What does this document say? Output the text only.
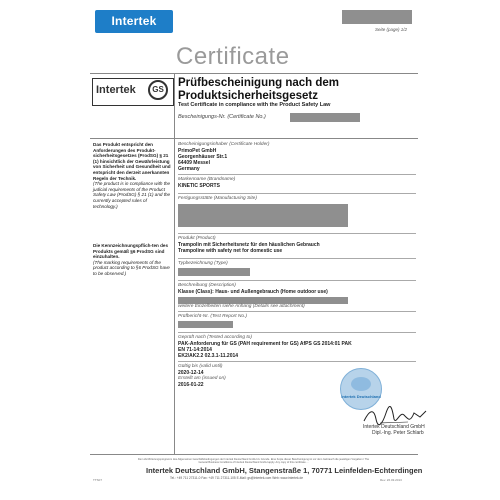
Intertek
Seite (page) 1/2
Certificate
Intertek	GS
Prüfbescheinigung nach dem
Produktsicherheitsgesetz
Test Certificate in compliance with the Product Safety Law
Bescheinigungs-Nr. (Certificate No.)
Das Produkt entspricht den Anforderungen des Produkt-sicherheitsgesetzes (ProdSG) § 21 (1) hinsichtlich der Gewährleistung von Sicherheit und Gesundheit und entspricht den derzeit anerkannten Regeln der Technik.
(The product is in compliance with the judicial requirements of the Product Safety Law (ProdSG) § 21 (1) and the currently accepted rules of technology.)
Die Kennzeichnungspflich-ten des Produkts gemäß §6 ProdSG sind einzuhalten.
(The marking requirements of the product according to §6 ProdSG have to be observed.)
Bescheinigungsinhaber (Certificate Holder)
PrimoPet GmbH
Georgenhäuser Str.1
64409 Messel
Germany
Markenname (Brandname)
KINETIC SPORTS
Fertigungsstätte (Manufacturing Site)
Produkt (Product)
Trampolin mit Sicherheitsnetz für den häuslichen Gebrauch
Trampoline with safety net for domestic use
Typbezeichnung (Type)
Beschreibung (Description)
Klasse (Class): Haus- und Außengebrauch (Home outdoor use)
weitere Einzelheiten siehe Anhang (Details see attachment)
Prüfbericht-Nr. (Test Report No.)
Geprüft nach (Tested according to)
PAK-Anforderung für GS (PAH requirement for GS) AfPS GS 2014:01 PAK
EN 71-14:2014
EK2/AK2.2 02.3.1-11.2014
Gültig bis (valid until)
2020-12-14
Erstellt am (issued on)
2016-01-22
Intertek Deutschland
Intertek Deutschland GmbH
Dipl.-Ing. Peter Schlarb
Dem Zertifizierungsprogramm des Allgemeinen Geschäftsbedingungen der Intertek Deutschland GmbH zu Grunde. Eine Kopie dieser Bescheinigung ist vor dem Gebrauch die jeweiligen Vorgaben / The General Business Conditions of Intertek Deutschland GmbH apply. Any copy of this certificate ...
Intertek Deutschland GmbH, Stangenstraße 1, 70771 Leinfelden-Echterdingen
Tel.: +49 711 27311-0 Fax: +49 711 27311-105 E-Mail: gs@intertek.com Web: www.intertek.de
TTS07	Rev. 26.03.2013
